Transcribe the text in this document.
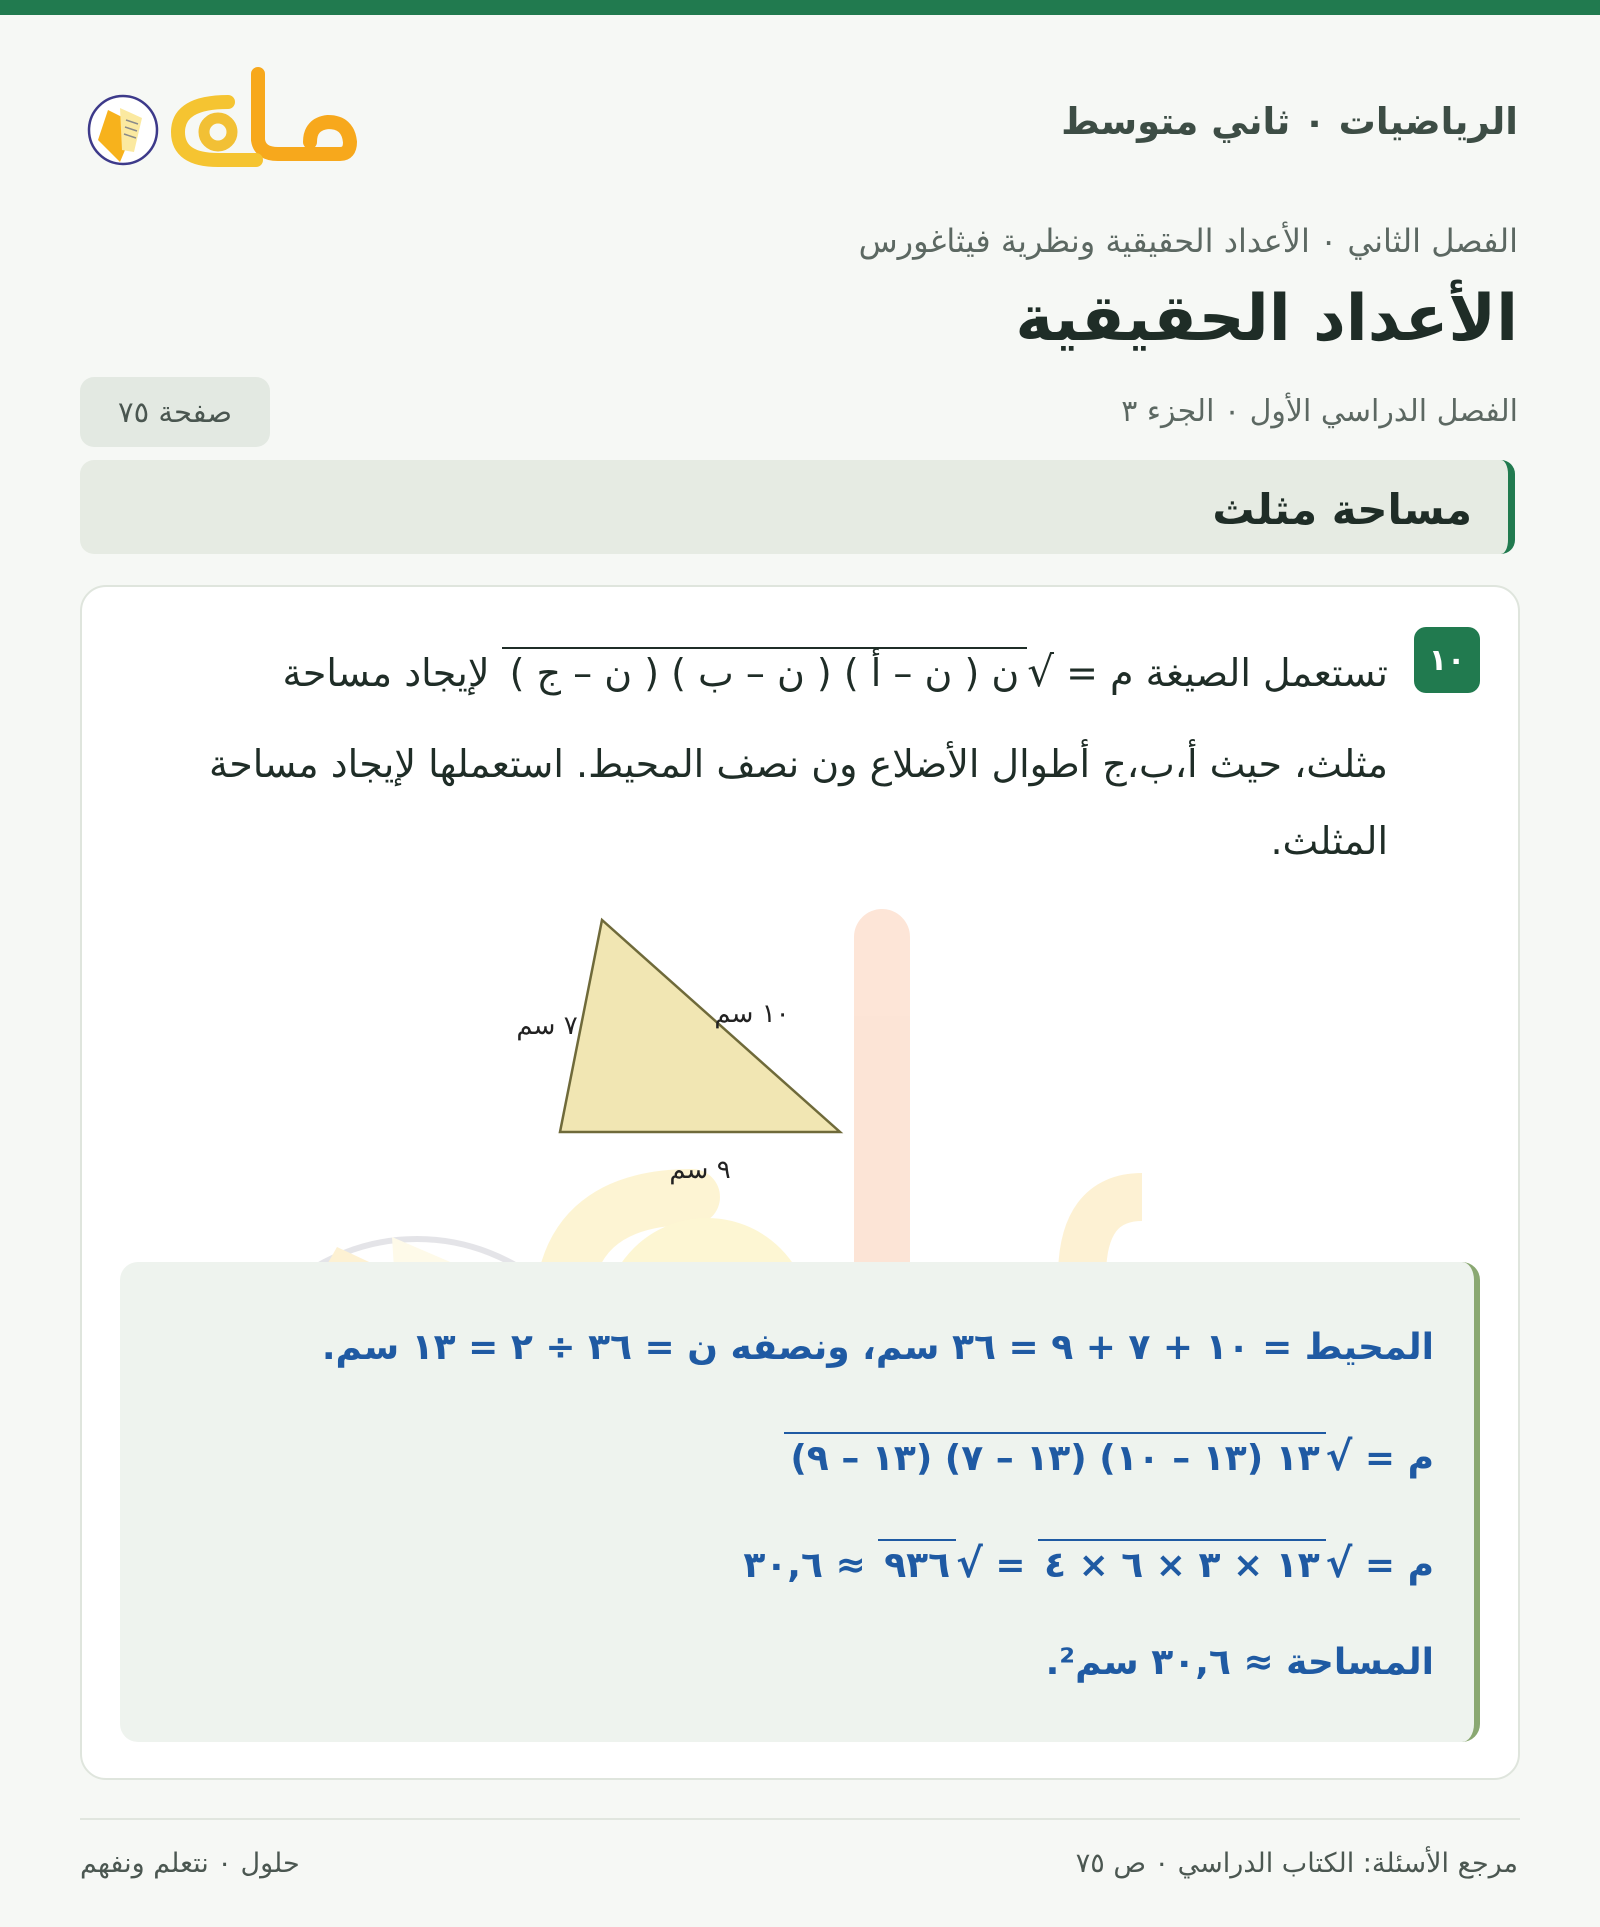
الرياضيات ٠ ثاني متوسط
الفصل الثاني ٠ الأعداد الحقيقية ونظرية فيثاغورس
الأعداد الحقيقية
الفصل الدراسي الأول ٠ الجزء ٣
صفحة ٧٥
مساحة مثلث
١٠
تستعمل الصيغة م = √ن ( ن – أ ) ( ن – ب ) ( ن – ج ) لإيجاد مساحة
مثلث، حيث أ،ب،ج أطوال الأضلاع ون نصف المحيط. استعملها لإيجاد مساحة
المثلث.
٧ سم	١٠ سم
٩ سم
المحيط = ١٠ + ٧ + ٩ = ٣٦ سم، ونصفه ن = ٣٦ ÷ ٢ = ١٣ سم.
م = √١٣ (١٣ – ١٠) (١٣ – ٧) (١٣ – ٩)
م = √١٣ × ٣ × ٦ × ٤ = √٩٣٦ ≈ ٣٠,٦
المساحة ≈ ٣٠,٦ سم².
مرجع الأسئلة: الكتاب الدراسي ٠ ص ٧٥
حلول ٠ نتعلم ونفهم
